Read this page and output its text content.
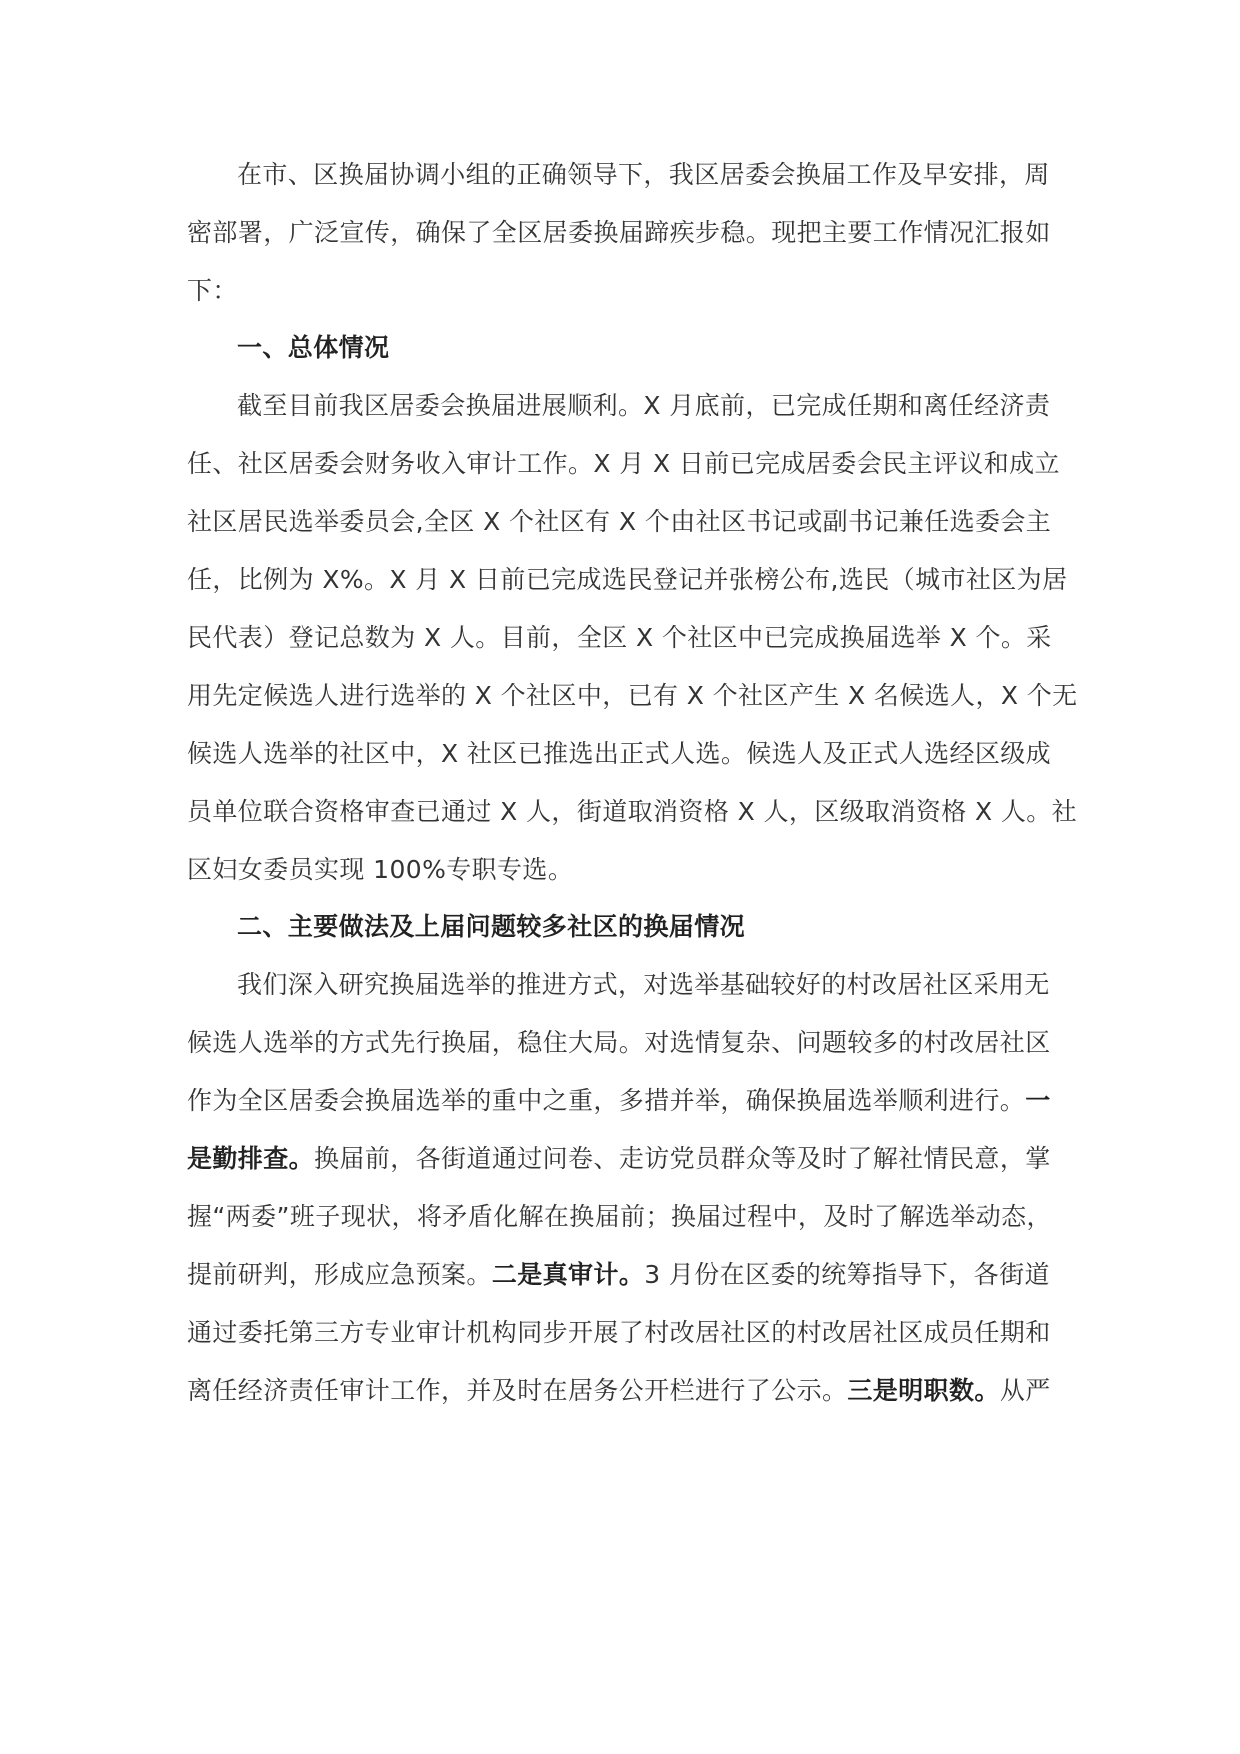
在市、区换届协调小组的正确领导下，我区居委会换届工作及早安排，周
密部署，广泛宣传，确保了全区居委换届蹄疾步稳。现把主要工作情况汇报如
下：
一、总体情况
截至目前我区居委会换届进展顺利。X 月底前，已完成任期和离任经济责
任、社区居委会财务收入审计工作。X 月 X 日前已完成居委会民主评议和成立
社区居民选举委员会,全区 X 个社区有 X 个由社区书记或副书记兼任选委会主
任，比例为 X%。X 月 X 日前已完成选民登记并张榜公布,选民（城市社区为居
民代表）登记总数为 X 人。目前，全区 X 个社区中已完成换届选举 X 个。采
用先定候选人进行选举的 X 个社区中，已有 X 个社区产生 X 名候选人，X 个无
候选人选举的社区中，X 社区已推选出正式人选。候选人及正式人选经区级成
员单位联合资格审查已通过 X 人，街道取消资格 X 人，区级取消资格 X 人。社
区妇女委员实现 100%专职专选。
二、主要做法及上届问题较多社区的换届情况
我们深入研究换届选举的推进方式，对选举基础较好的村改居社区采用无
候选人选举的方式先行换届，稳住大局。对选情复杂、问题较多的村改居社区
作为全区居委会换届选举的重中之重，多措并举，确保换届选举顺利进行。一
是勤排查。换届前，各街道通过问卷、走访党员群众等及时了解社情民意，掌
握“两委”班子现状，将矛盾化解在换届前；换届过程中，及时了解选举动态，
提前研判，形成应急预案。二是真审计。3 月份在区委的统筹指导下，各街道
通过委托第三方专业审计机构同步开展了村改居社区的村改居社区成员任期和
离任经济责任审计工作，并及时在居务公开栏进行了公示。三是明职数。从严
